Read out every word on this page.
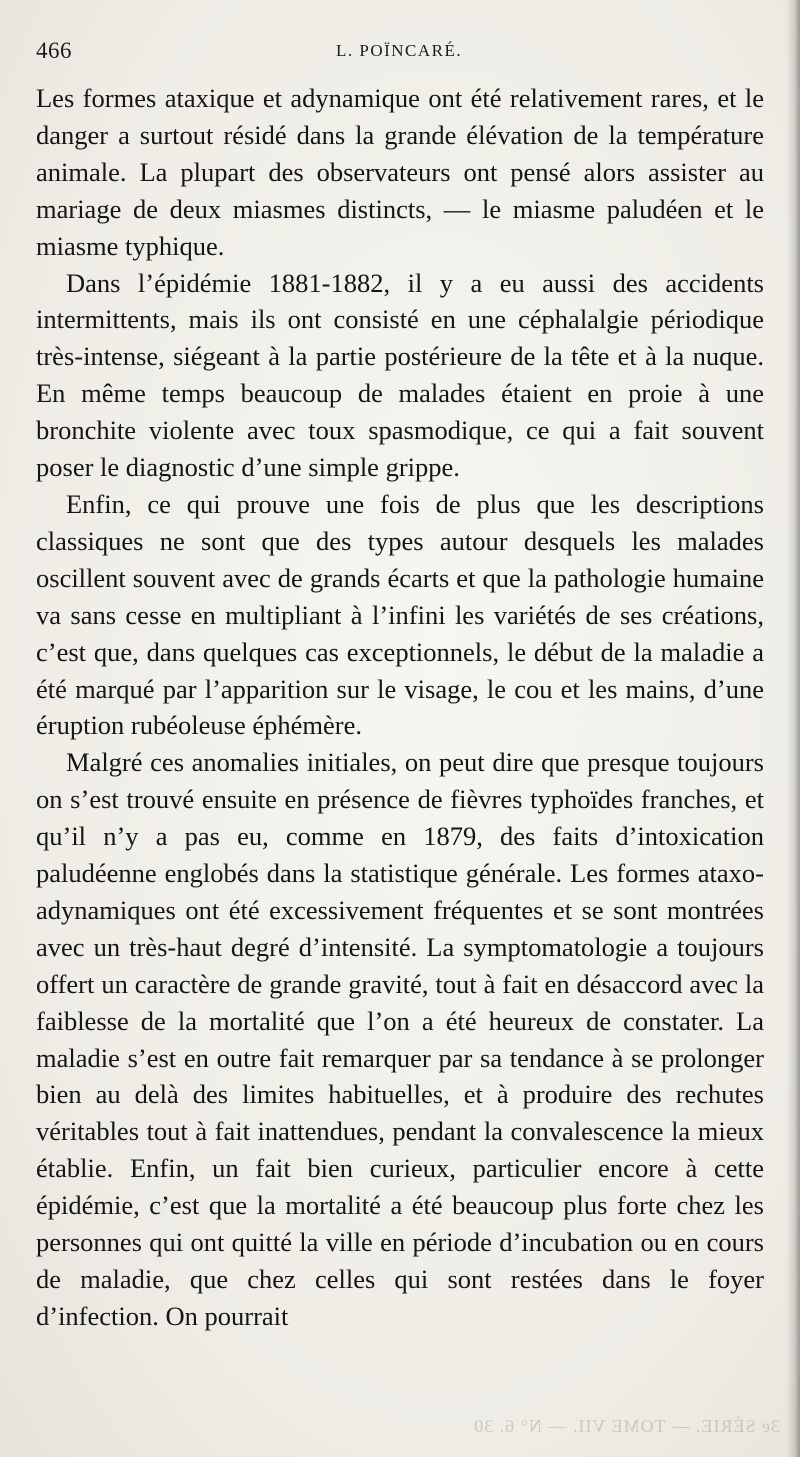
466	L. POÏNCARÉ.

Les formes ataxique et adynamique ont été relativement rares, et le danger a surtout résidé dans la grande élévation de la température animale. La plupart des observateurs ont pensé alors assister au mariage de deux miasmes distincts, — le miasme paludéen et le miasme typhique.

Dans l’épidémie 1881-1882, il y a eu aussi des accidents intermittents, mais ils ont consisté en une céphalalgie périodique très-intense, siégeant à la partie postérieure de la tête et à la nuque. En même temps beaucoup de malades étaient en proie à une bronchite violente avec toux spasmodique, ce qui a fait souvent poser le diagnostic d’une simple grippe.

Enfin, ce qui prouve une fois de plus que les descriptions classiques ne sont que des types autour desquels les malades oscillent souvent avec de grands écarts et que la pathologie humaine va sans cesse en multipliant à l’infini les variétés de ses créations, c’est que, dans quelques cas exceptionnels, le début de la maladie a été marqué par l’apparition sur le visage, le cou et les mains, d’une éruption rubéoleuse éphémère.

Malgré ces anomalies initiales, on peut dire que presque toujours on s’est trouvé ensuite en présence de fièvres typhoïdes franches, et qu’il n’y a pas eu, comme en 1879, des faits d’intoxication paludéenne englobés dans la statistique générale. Les formes ataxo-adynamiques ont été excessivement fréquentes et se sont montrées avec un très-haut degré d’intensité. La symptomatologie a toujours offert un caractère de grande gravité, tout à fait en désaccord avec la faiblesse de la mortalité que l’on a été heureux de constater. La maladie s’est en outre fait remarquer par sa tendance à se prolonger bien au delà des limites habituelles, et à produire des rechutes véritables tout à fait inattendues, pendant la convalescence la mieux établie. Enfin, un fait bien curieux, particulier encore à cette épidémie, c’est que la mortalité a été beaucoup plus forte chez les personnes qui ont quitté la ville en période d’incubation ou en cours de maladie, que chez celles qui sont restées dans le foyer d’infection. On pourrait

3e SÉRIE. — TOME VII. — N° 6. 30
